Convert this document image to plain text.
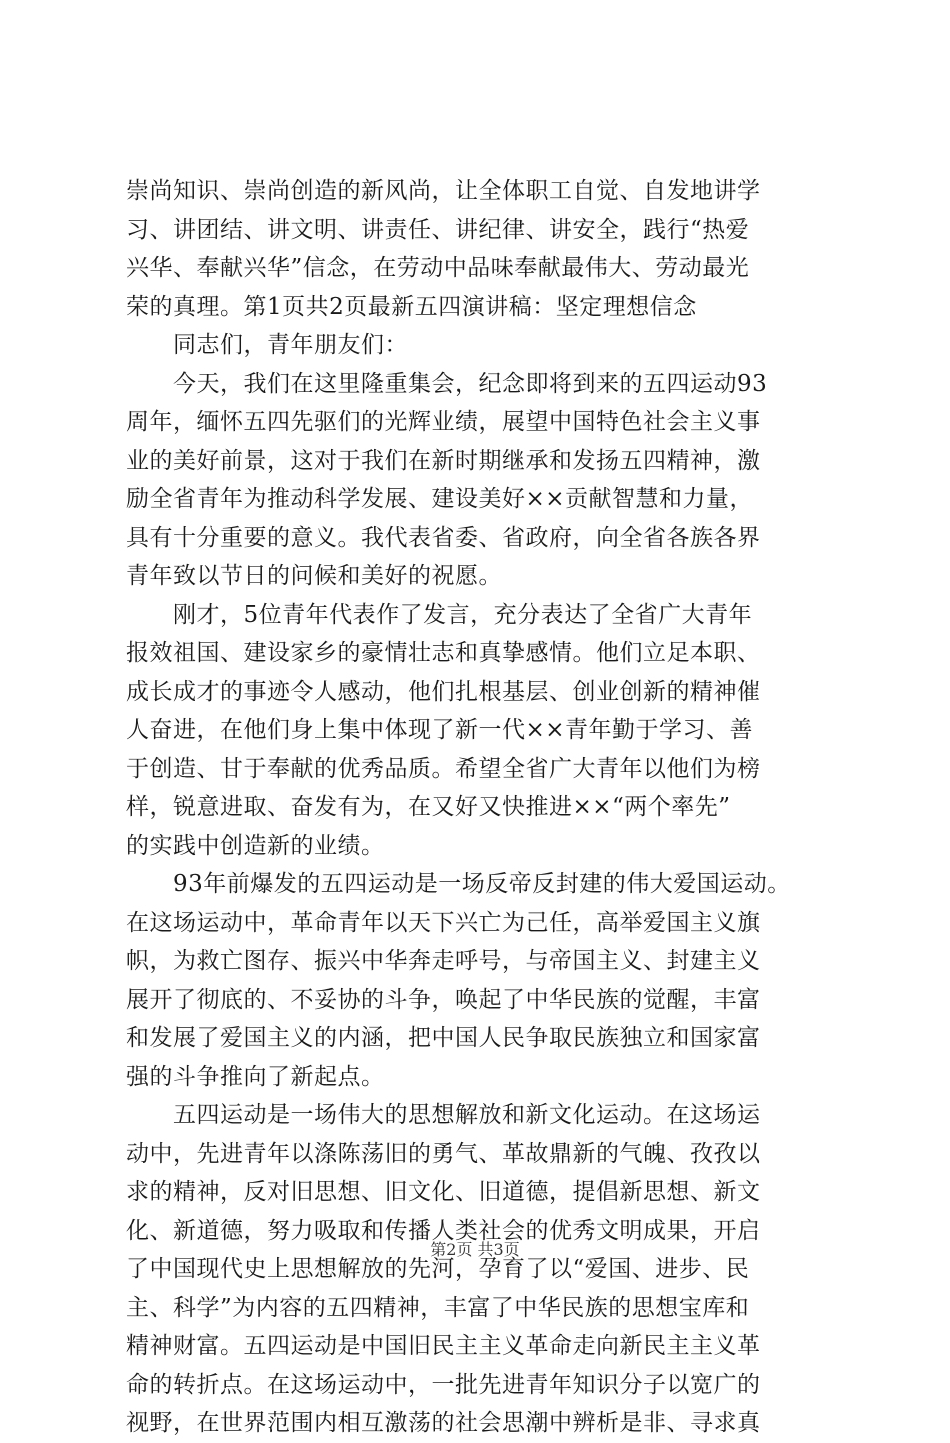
崇尚知识、崇尚创造的新风尚，让全体职工自觉、自发地讲学
习、讲团结、讲文明、讲责任、讲纪律、讲安全，践行“热爱
兴华、奉献兴华”信念，在劳动中品味奉献最伟大、劳动最光
荣的真理。第1页共2页最新五四演讲稿：坚定理想信念
　　同志们，青年朋友们：
　　今天，我们在这里隆重集会，纪念即将到来的五四运动93
周年，缅怀五四先驱们的光辉业绩，展望中国特色社会主义事
业的美好前景，这对于我们在新时期继承和发扬五四精神，激
励全省青年为推动科学发展、建设美好××贡献智慧和力量，
具有十分重要的意义。我代表省委、省政府，向全省各族各界
青年致以节日的问候和美好的祝愿。
　　刚才，5位青年代表作了发言，充分表达了全省广大青年
报效祖国、建设家乡的豪情壮志和真挚感情。他们立足本职、
成长成才的事迹令人感动，他们扎根基层、创业创新的精神催
人奋进，在他们身上集中体现了新一代××青年勤于学习、善
于创造、甘于奉献的优秀品质。希望全省广大青年以他们为榜
样，锐意进取、奋发有为，在又好又快推进××“两个率先”
的实践中创造新的业绩。
　　93年前爆发的五四运动是一场反帝反封建的伟大爱国运动。
在这场运动中，革命青年以天下兴亡为己任，高举爱国主义旗
帜，为救亡图存、振兴中华奔走呼号，与帝国主义、封建主义
展开了彻底的、不妥协的斗争，唤起了中华民族的觉醒，丰富
和发展了爱国主义的内涵，把中国人民争取民族独立和国家富
强的斗争推向了新起点。
　　五四运动是一场伟大的思想解放和新文化运动。在这场运
动中，先进青年以涤陈荡旧的勇气、革故鼎新的气魄、孜孜以
求的精神，反对旧思想、旧文化、旧道德，提倡新思想、新文
化、新道德，努力吸取和传播人类社会的优秀文明成果，开启
了中国现代史上思想解放的先河，孕育了以“爱国、进步、民
主、科学”为内容的五四精神，丰富了中华民族的思想宝库和
精神财富。五四运动是中国旧民主主义革命走向新民主主义革
命的转折点。在这场运动中，一批先进青年知识分子以宽广的
视野，在世界范围内相互激荡的社会思潮中辨析是非、寻求真
第2页 共3页
